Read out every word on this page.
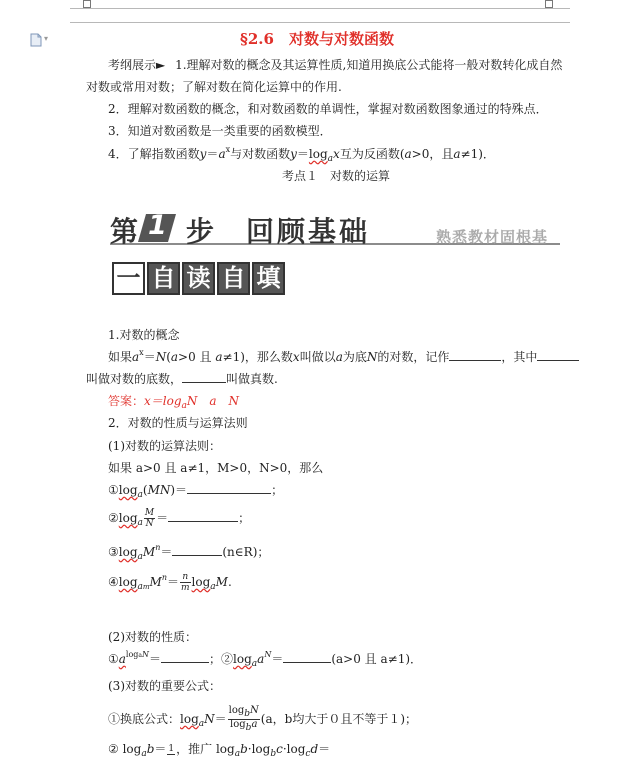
▾	§2.6　对数与对数函数
考纲展示► 1.理解对数的概念及其运算性质,知道用换底公式能将一般对数转化成自然
对数或常用对数；了解对数在简化运算中的作用.
2．理解对数函数的概念，和对数函数的单调性，掌握对数函数图象通过的特殊点．
3．知道对数函数是一类重要的函数模型．
4．了解指数函数$y=a^x$与对数函数$y=\log_ax$互为反函数(a>0，且a≠1)．
考点１　对数的运算
第 1 步 回顾基础	熟悉教材固根基
一 自 读 自 填
1.对数的概念
如果$a^x=N(a>0$ 且 a≠1)，那么数x叫做以a为底N的对数，记作	，其中
叫做对数的底数，	叫做真数.
答案：$x=\log_aN$　a　N
2．对数的性质与运算法则
(1)对数的运算法则：
如果 a>0 且 a≠1，M>0，N>0，那么
$①\log_a(MN)=$	；
$②\log_a \frac{M}{N}$ ＝	；
$③\log_aM^n=$	(n∈R)；
$④\log_{am}M^n= \frac{n}{m} \log_aM$.
(2)对数的性质：
$①a^{logaN}=$	；$②\log_aa^N=$	(a>0 且 a≠1)．
(3)对数的重要公式：
①换底公式：$\log_aN= \frac{\text{logbN}}{\text{logba}} (a$，b均大于０且不等于１)；
② $\log_ab= 1$ ，推广 $\log_ab\cdot\log_bc\cdot\log_cd=$
